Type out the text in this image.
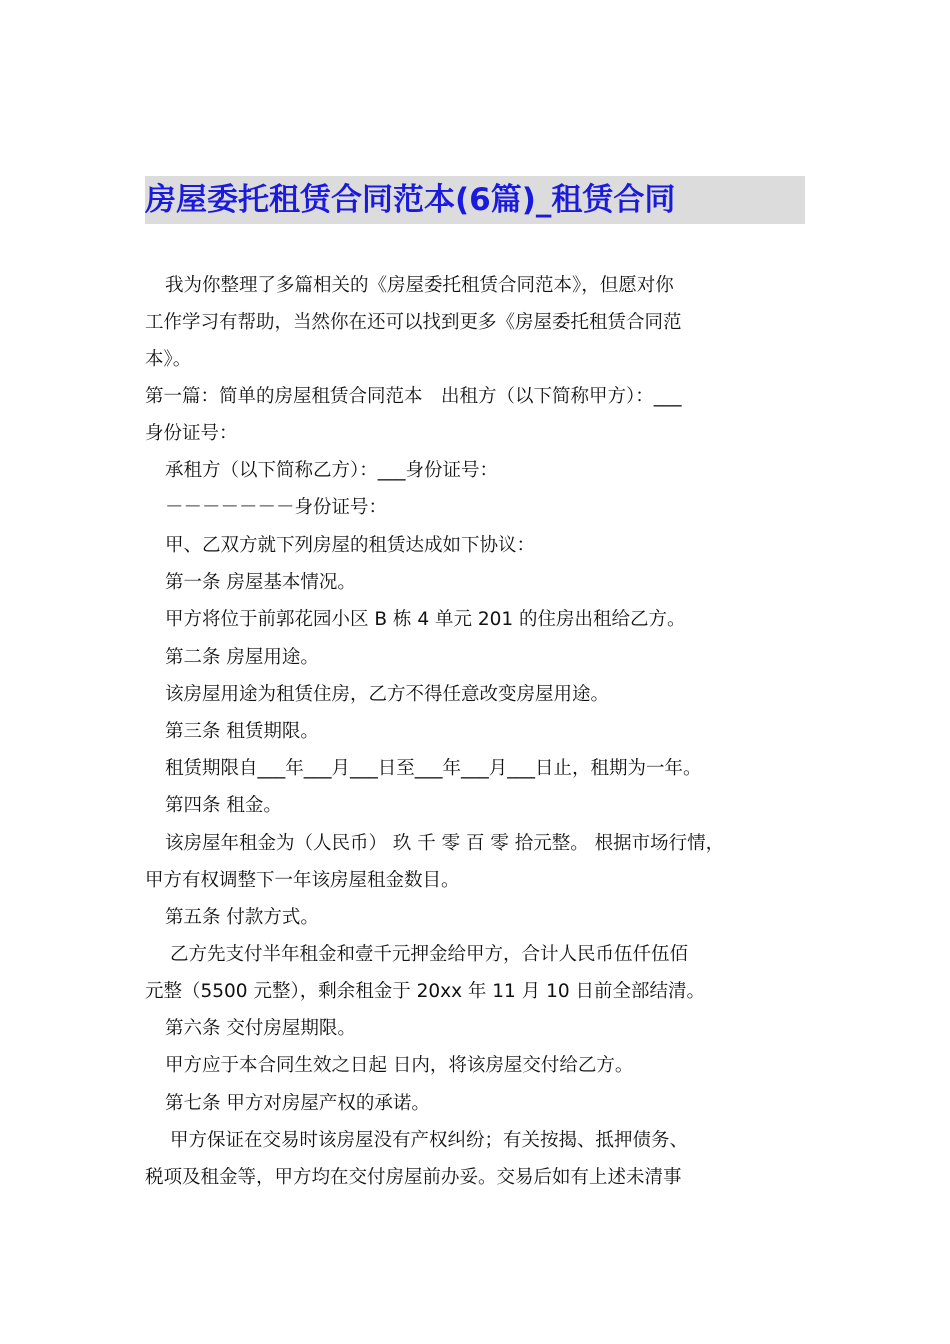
房屋委托租赁合同范本(6篇)_租赁合同
我为你整理了多篇相关的《房屋委托租赁合同范本》，但愿对你
工作学习有帮助，当然你在还可以找到更多《房屋委托租赁合同范
本》。
第一篇：简单的房屋租赁合同范本　出租方（以下简称甲方）：___
身份证号：
承租方（以下简称乙方）：___身份证号：
－－－－－－－身份证号：
甲、乙双方就下列房屋的租赁达成如下协议：
第一条 房屋基本情况。
甲方将位于前郭花园小区 B 栋 4 单元 201 的住房出租给乙方。
第二条 房屋用途。
该房屋用途为租赁住房，乙方不得任意改变房屋用途。
第三条 租赁期限。
租赁期限自___年___月___日至___年___月___日止，租期为一年。
第四条 租金。
该房屋年租金为（人民币） 玖 千 零 百 零 拾元整。 根据市场行情，
甲方有权调整下一年该房屋租金数目。
第五条 付款方式。
乙方先支付半年租金和壹千元押金给甲方，合计人民币伍仟伍佰
元整（5500 元整），剩余租金于 20xx 年 11 月 10 日前全部结清。
第六条 交付房屋期限。
甲方应于本合同生效之日起 日内，将该房屋交付给乙方。
第七条 甲方对房屋产权的承诺。
甲方保证在交易时该房屋没有产权纠纷；有关按揭、抵押债务、
税项及租金等，甲方均在交付房屋前办妥。交易后如有上述未清事
